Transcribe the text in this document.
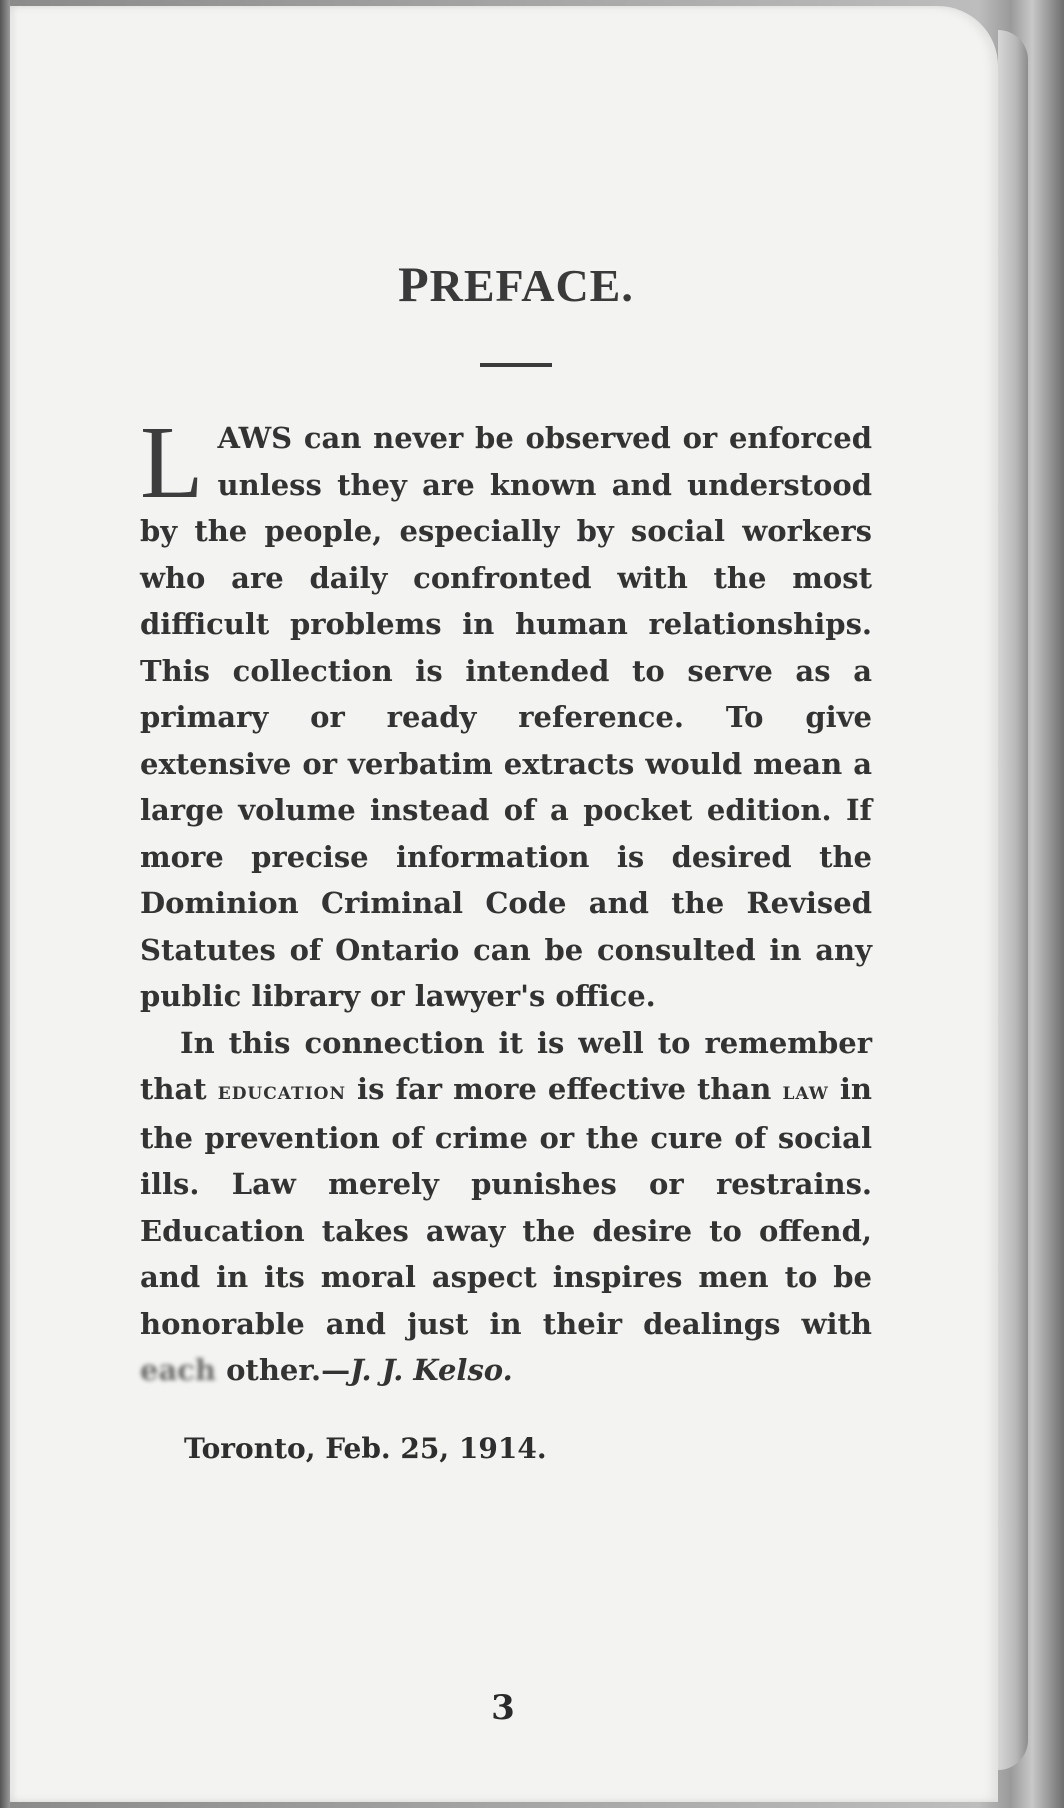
PREFACE.

LAWS can never be observed or enforced unless they are known and understood by the people, especially by social workers who are daily confronted with the most difficult problems in human relationships. This collection is intended to serve as a primary or ready reference. To give extensive or verbatim extracts would mean a large volume instead of a pocket edition. If more precise information is desired the Dominion Criminal Code and the Revised Statutes of Ontario can be consulted in any public library or lawyer's office.

In this connection it is well to remember that education is far more effective than law in the prevention of crime or the cure of social ills. Law merely punishes or restrains. Education takes away the desire to offend, and in its moral aspect inspires men to be honorable and just in their dealings with each other.—J. J. Kelso.

Toronto, Feb. 25, 1914.
3
